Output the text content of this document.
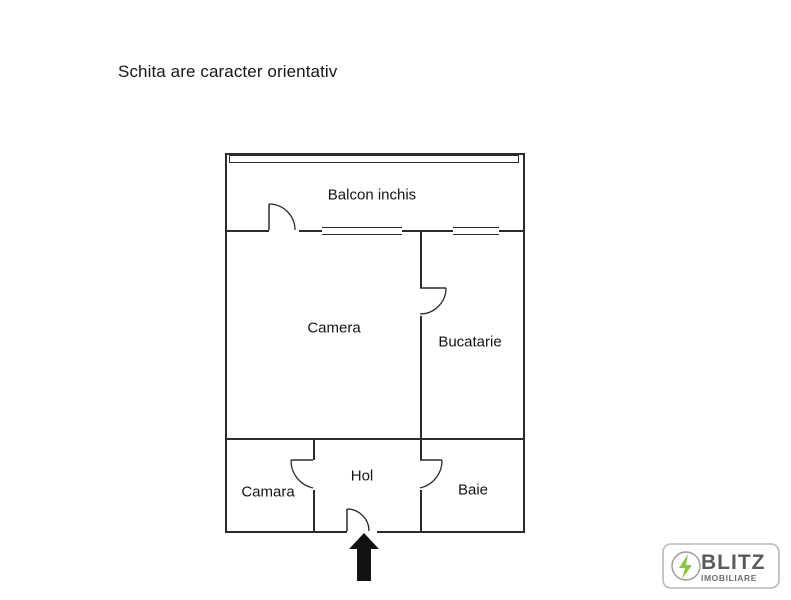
Schita are caracter orientativ
Balcon inchis
Camera
Bucatarie
Camara
Hol
Baie
BLITZ
IMOBILIARE
